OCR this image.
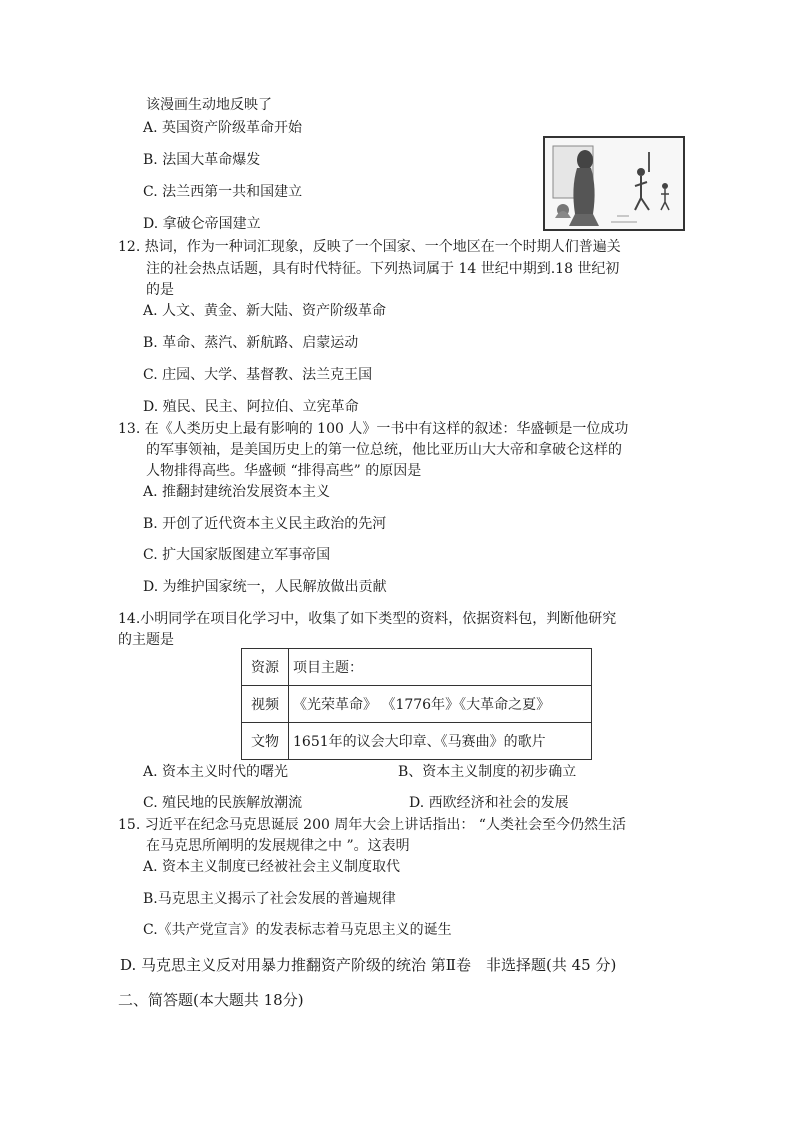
该漫画生动地反映了
A. 英国资产阶级革命开始
B. 法国大革命爆发
C. 法兰西第一共和国建立
D. 拿破仑帝国建立
12. 热词，作为一种词汇现象，反映了一个国家、一个地区在一个时期人们普遍关
注的社会热点话题，具有时代特征。下列热词属于 14 世纪中期到.18 世纪初
的是
A. 人文、黄金、新大陆、资产阶级革命
B. 革命、蒸汽、新航路、启蒙运动
C. 庄园、大学、基督教、法兰克王国
D. 殖民、民主、阿拉伯、立宪革命
13. 在《人类历史上最有影响的 100 人》一书中有这样的叙述：华盛顿是一位成功
的军事领袖，是美国历史上的第一位总统，他比亚历山大大帝和拿破仑这样的
人物排得高些。华盛顿 “排得高些” 的原因是
A. 推翻封建统治发展资本主义
B. 开创了近代资本主义民主政治的先河
C. 扩大国家版图建立军事帝国
D. 为维护国家统一，人民解放做出贡献
14.小明同学在项目化学习中，收集了如下类型的资料，依据资料包，判断他研究
的主题是
资源	项目主题：
视频	《光荣革命》 《1776年》《大革命之夏》
文物	1651年的议会大印章、《马赛曲》的歌片
A. 资本主义时代的曙光	B、资本主义制度的初步确立
C. 殖民地的民族解放潮流	D. 西欧经济和社会的发展
15. 习近平在纪念马克思诞辰 200 周年大会上讲话指出： “人类社会至今仍然生活
在马克思所阐明的发展规律之中 ”。这表明
A. 资本主义制度已经被社会主义制度取代
B.马克思主义揭示了社会发展的普遍规律
C.《共产党宣言》的发表标志着马克思主义的诞生
D. 马克思主义反对用暴力推翻资产阶级的统治 第Ⅱ卷　非选择题(共 45 分)
二、简答题(本大题共 18分)
